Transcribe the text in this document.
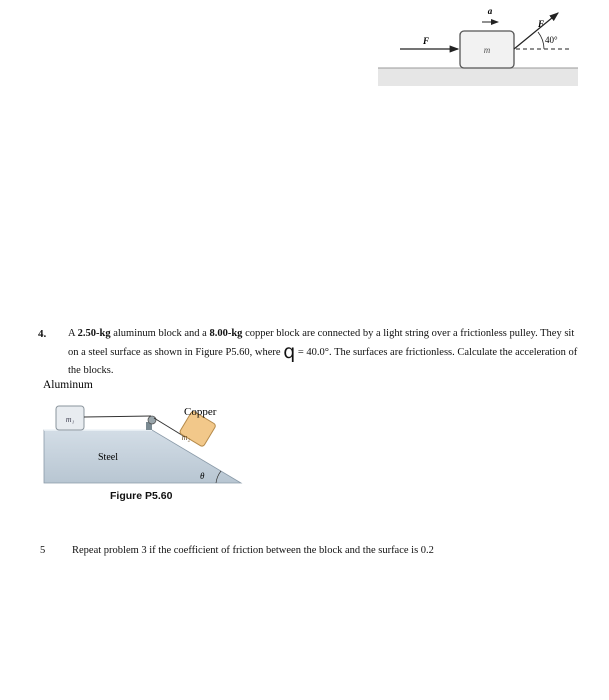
m
a
F
F
40°
4. A 2.50-kg aluminum block and a 8.00-kg copper block are connected by a light string over a frictionless pulley. They sit on a steel surface as shown in Figure P5.60, where q = 40.0°. The surfaces are frictionless. Calculate the acceleration of the blocks.
Aluminum
Steel
m₁
m₂
Copper
θ
Figure P5.60
5	Repeat problem 3 if the coefficient of friction between the block and the surface is 0.2
